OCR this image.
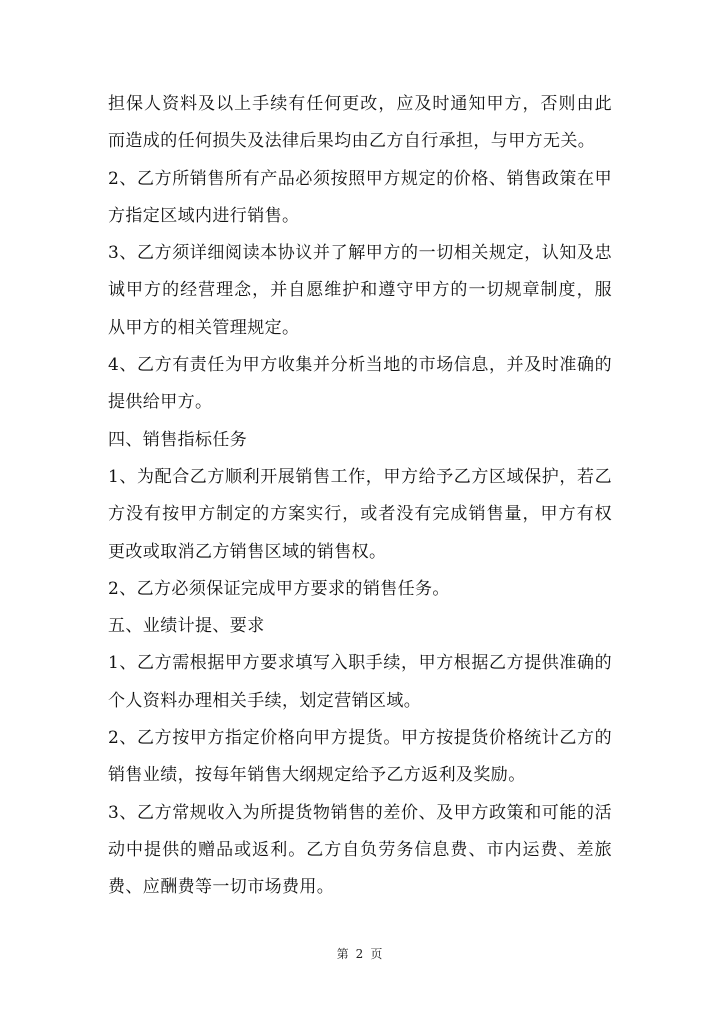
担保人资料及以上手续有任何更改，应及时通知甲方，否则由此而造成的任何损失及法律后果均由乙方自行承担，与甲方无关。

2、乙方所销售所有产品必须按照甲方规定的价格、销售政策在甲方指定区域内进行销售。

3、乙方须详细阅读本协议并了解甲方的一切相关规定，认知及忠诚甲方的经营理念，并自愿维护和遵守甲方的一切规章制度，服从甲方的相关管理规定。

4、乙方有责任为甲方收集并分析当地的市场信息，并及时准确的提供给甲方。

四、销售指标任务

1、为配合乙方顺利开展销售工作，甲方给予乙方区域保护，若乙方没有按甲方制定的方案实行，或者没有完成销售量，甲方有权更改或取消乙方销售区域的销售权。

2、乙方必须保证完成甲方要求的销售任务。

五、业绩计提、要求

1、乙方需根据甲方要求填写入职手续，甲方根据乙方提供准确的个人资料办理相关手续，划定营销区域。

2、乙方按甲方指定价格向甲方提货。甲方按提货价格统计乙方的销售业绩，按每年销售大纲规定给予乙方返利及奖励。

3、乙方常规收入为所提货物销售的差价、及甲方政策和可能的活动中提供的赠品或返利。乙方自负劳务信息费、市内运费、差旅费、应酬费等一切市场费用。

第 2 页
